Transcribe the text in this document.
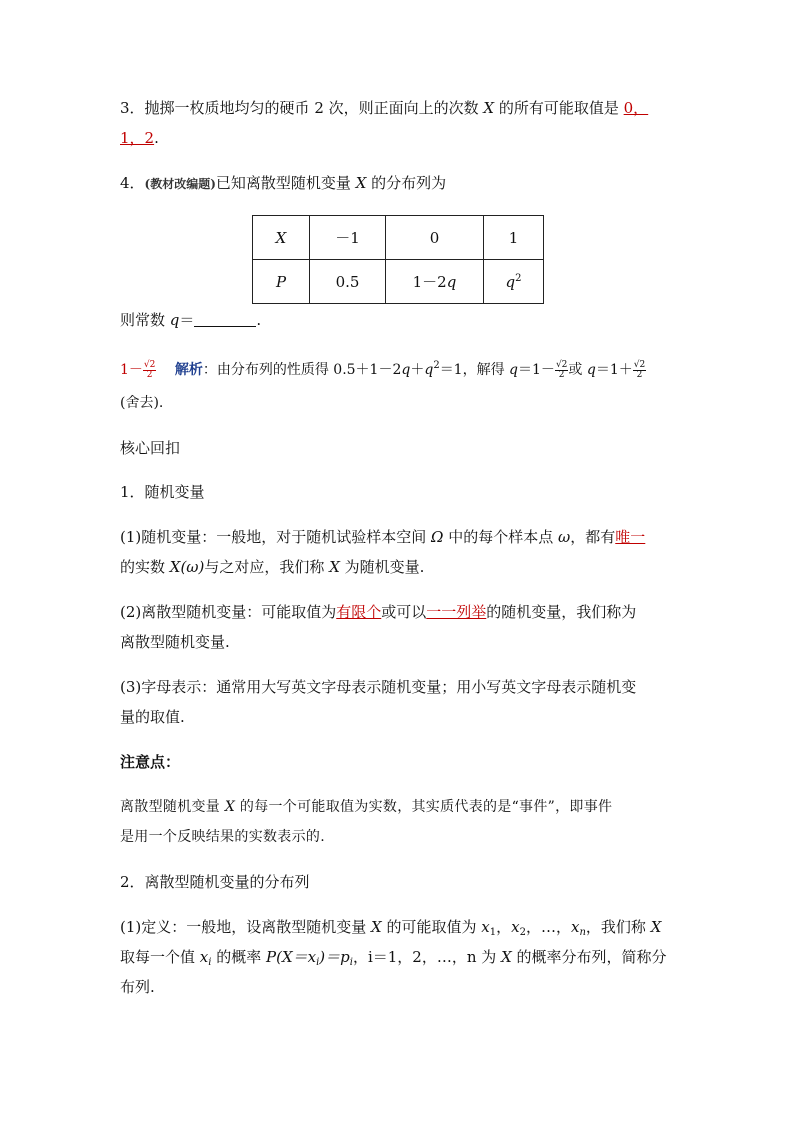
3．抛掷一枚质地均匀的硬币 2 次，则正面向上的次数 X 的所有可能取值是 0，
1，2.
4．(教材改编题)已知离散型随机变量 X 的分布列为
X	－1	0	1
P	0.5	1－2q	$q^2$
则常数 q＝	.
$1- \frac{√2}{2}$ 解析：由分布列的性质得 $0.5+1-2q+q^2=1$，解得 $q=1- \frac{√2}{2}$ 或 $q=1+ \frac{√2}{2}$
(舍去).
核心回扣
1．随机变量
(1)随机变量：一般地，对于随机试验样本空间 Ω 中的每个样本点 ω，都有唯一
的实数 X(ω)与之对应，我们称 X 为随机变量.
(2)离散型随机变量：可能取值为有限个或可以一一列举的随机变量，我们称为
离散型随机变量.
(3)字母表示：通常用大写英文字母表示随机变量；用小写英文字母表示随机变
量的取值.
注意点：
离散型随机变量 X 的每一个可能取值为实数，其实质代表的是“事件”，即事件
是用一个反映结果的实数表示的.
2．离散型随机变量的分布列
(1)定义：一般地，设离散型随机变量 X 的可能取值为 $x_1$，$x_2$，…，$x_n$，我们称 X
取每一个值 $x_i$ 的概率 $P(X=x_i)=p_i$，i＝1，2，…，n 为 X 的概率分布列，简称分
布列.
